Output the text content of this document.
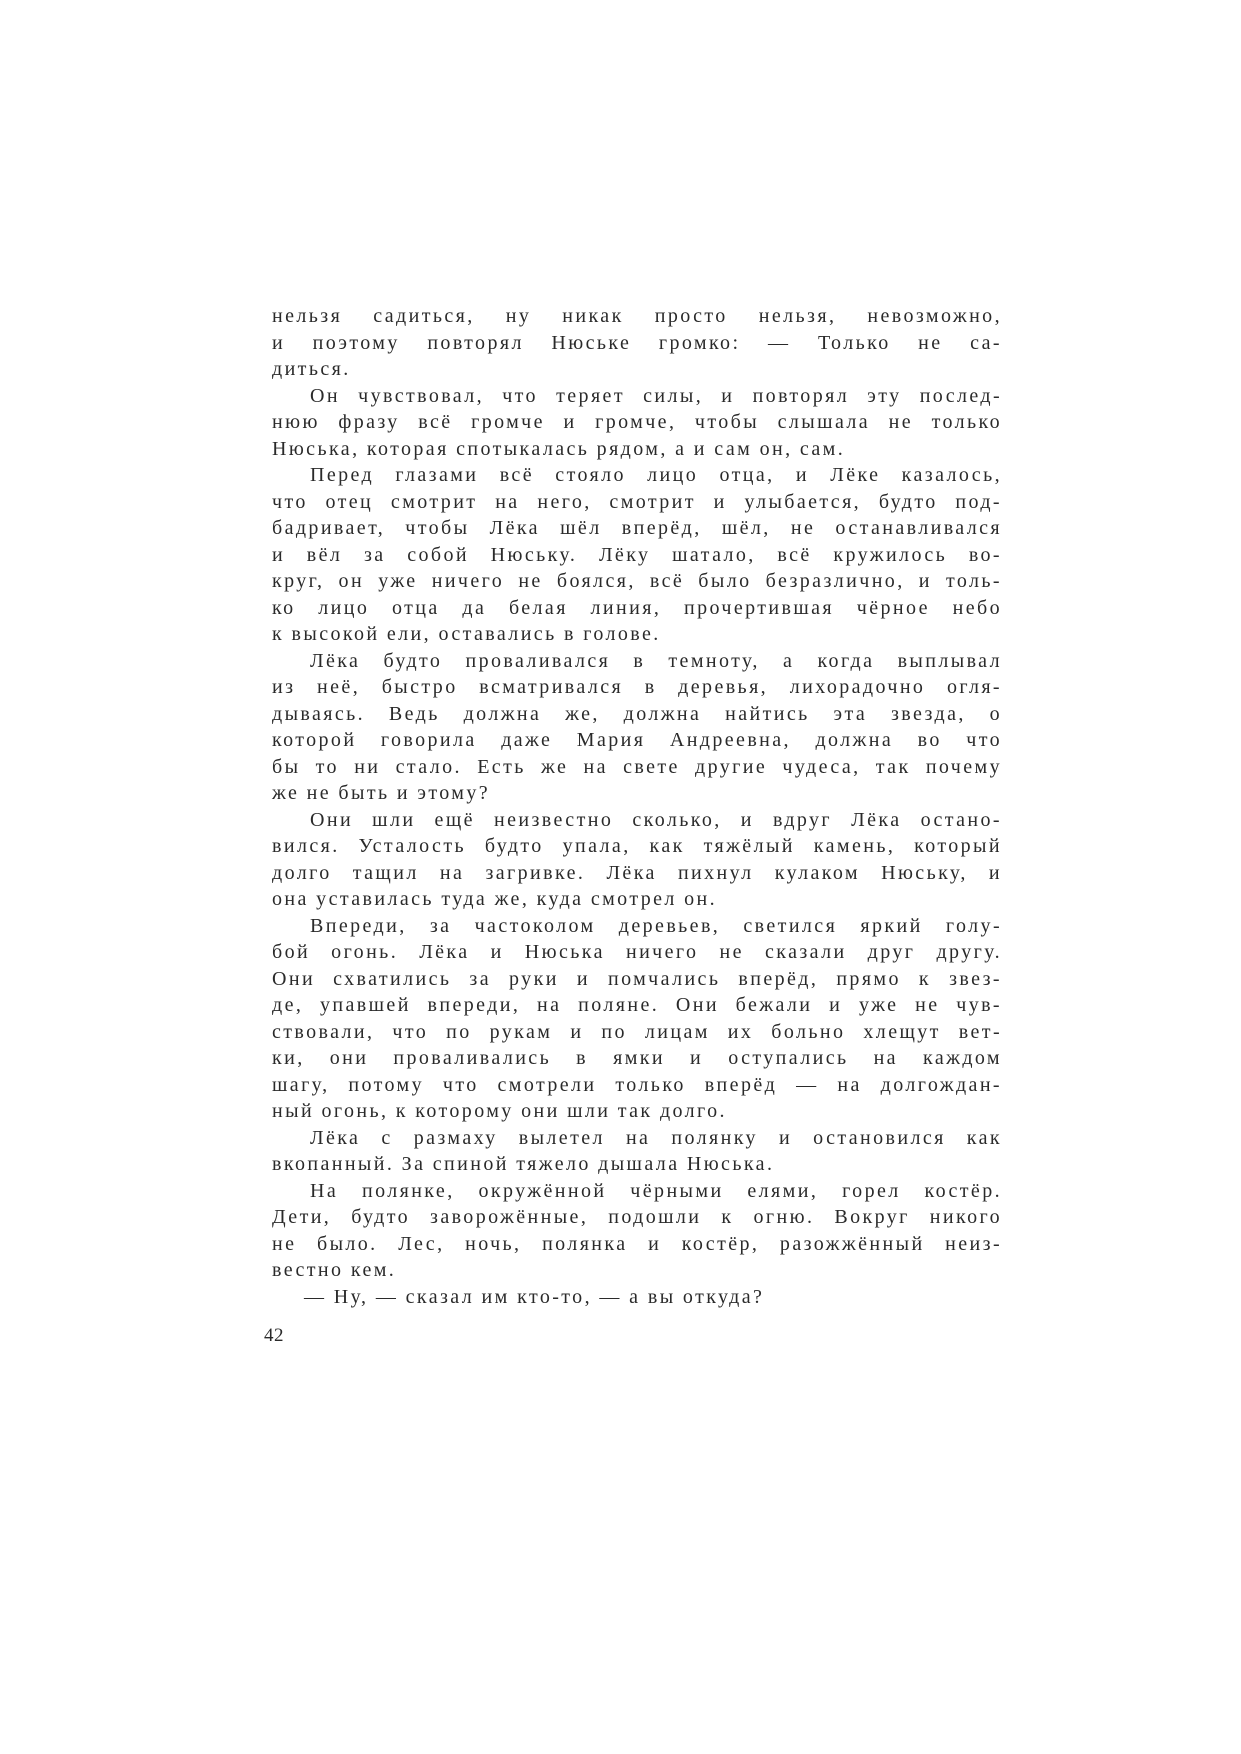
нельзя садиться, ну никак просто нельзя, невозможно,
и поэтому повторял Нюське громко: — Только не са-
диться.
Он чувствовал, что теряет силы, и повторял эту послед-
нюю фразу всё громче и громче, чтобы слышала не только
Нюська, которая спотыкалась рядом, а и сам он, сам.
Перед глазами всё стояло лицо отца, и Лёке казалось,
что отец смотрит на него, смотрит и улыбается, будто под-
бадривает, чтобы Лёка шёл вперёд, шёл, не останавливался
и вёл за собой Нюську. Лёку шатало, всё кружилось во-
круг, он уже ничего не боялся, всё было безразлично, и толь-
ко лицо отца да белая линия, прочертившая чёрное небо
к высокой ели, оставались в голове.
Лёка будто проваливался в темноту, а когда выплывал
из неё, быстро всматривался в деревья, лихорадочно огля-
дываясь. Ведь должна же, должна найтись эта звезда, о
которой говорила даже Мария Андреевна, должна во что
бы то ни стало. Есть же на свете другие чудеса, так почему
же не быть и этому?
Они шли ещё неизвестно сколько, и вдруг Лёка остано-
вился. Усталость будто упала, как тяжёлый камень, который
долго тащил на загривке. Лёка пихнул кулаком Нюську, и
она уставилась туда же, куда смотрел он.
Впереди, за частоколом деревьев, светился яркий голу-
бой огонь. Лёка и Нюська ничего не сказали друг другу.
Они схватились за руки и помчались вперёд, прямо к звез-
де, упавшей впереди, на поляне. Они бежали и уже не чув-
ствовали, что по рукам и по лицам их больно хлещут вет-
ки, они проваливались в ямки и оступались на каждом
шагу, потому что смотрели только вперёд — на долгождан-
ный огонь, к которому они шли так долго.
Лёка с размаху вылетел на полянку и остановился как
вкопанный. За спиной тяжело дышала Нюська.
На полянке, окружённой чёрными елями, горел костёр.
Дети, будто заворожённые, подошли к огню. Вокруг никого
не было. Лес, ночь, полянка и костёр, разожжённый неиз-
вестно кем.
— Ну, — сказал им кто-то, — а вы откуда?
42
